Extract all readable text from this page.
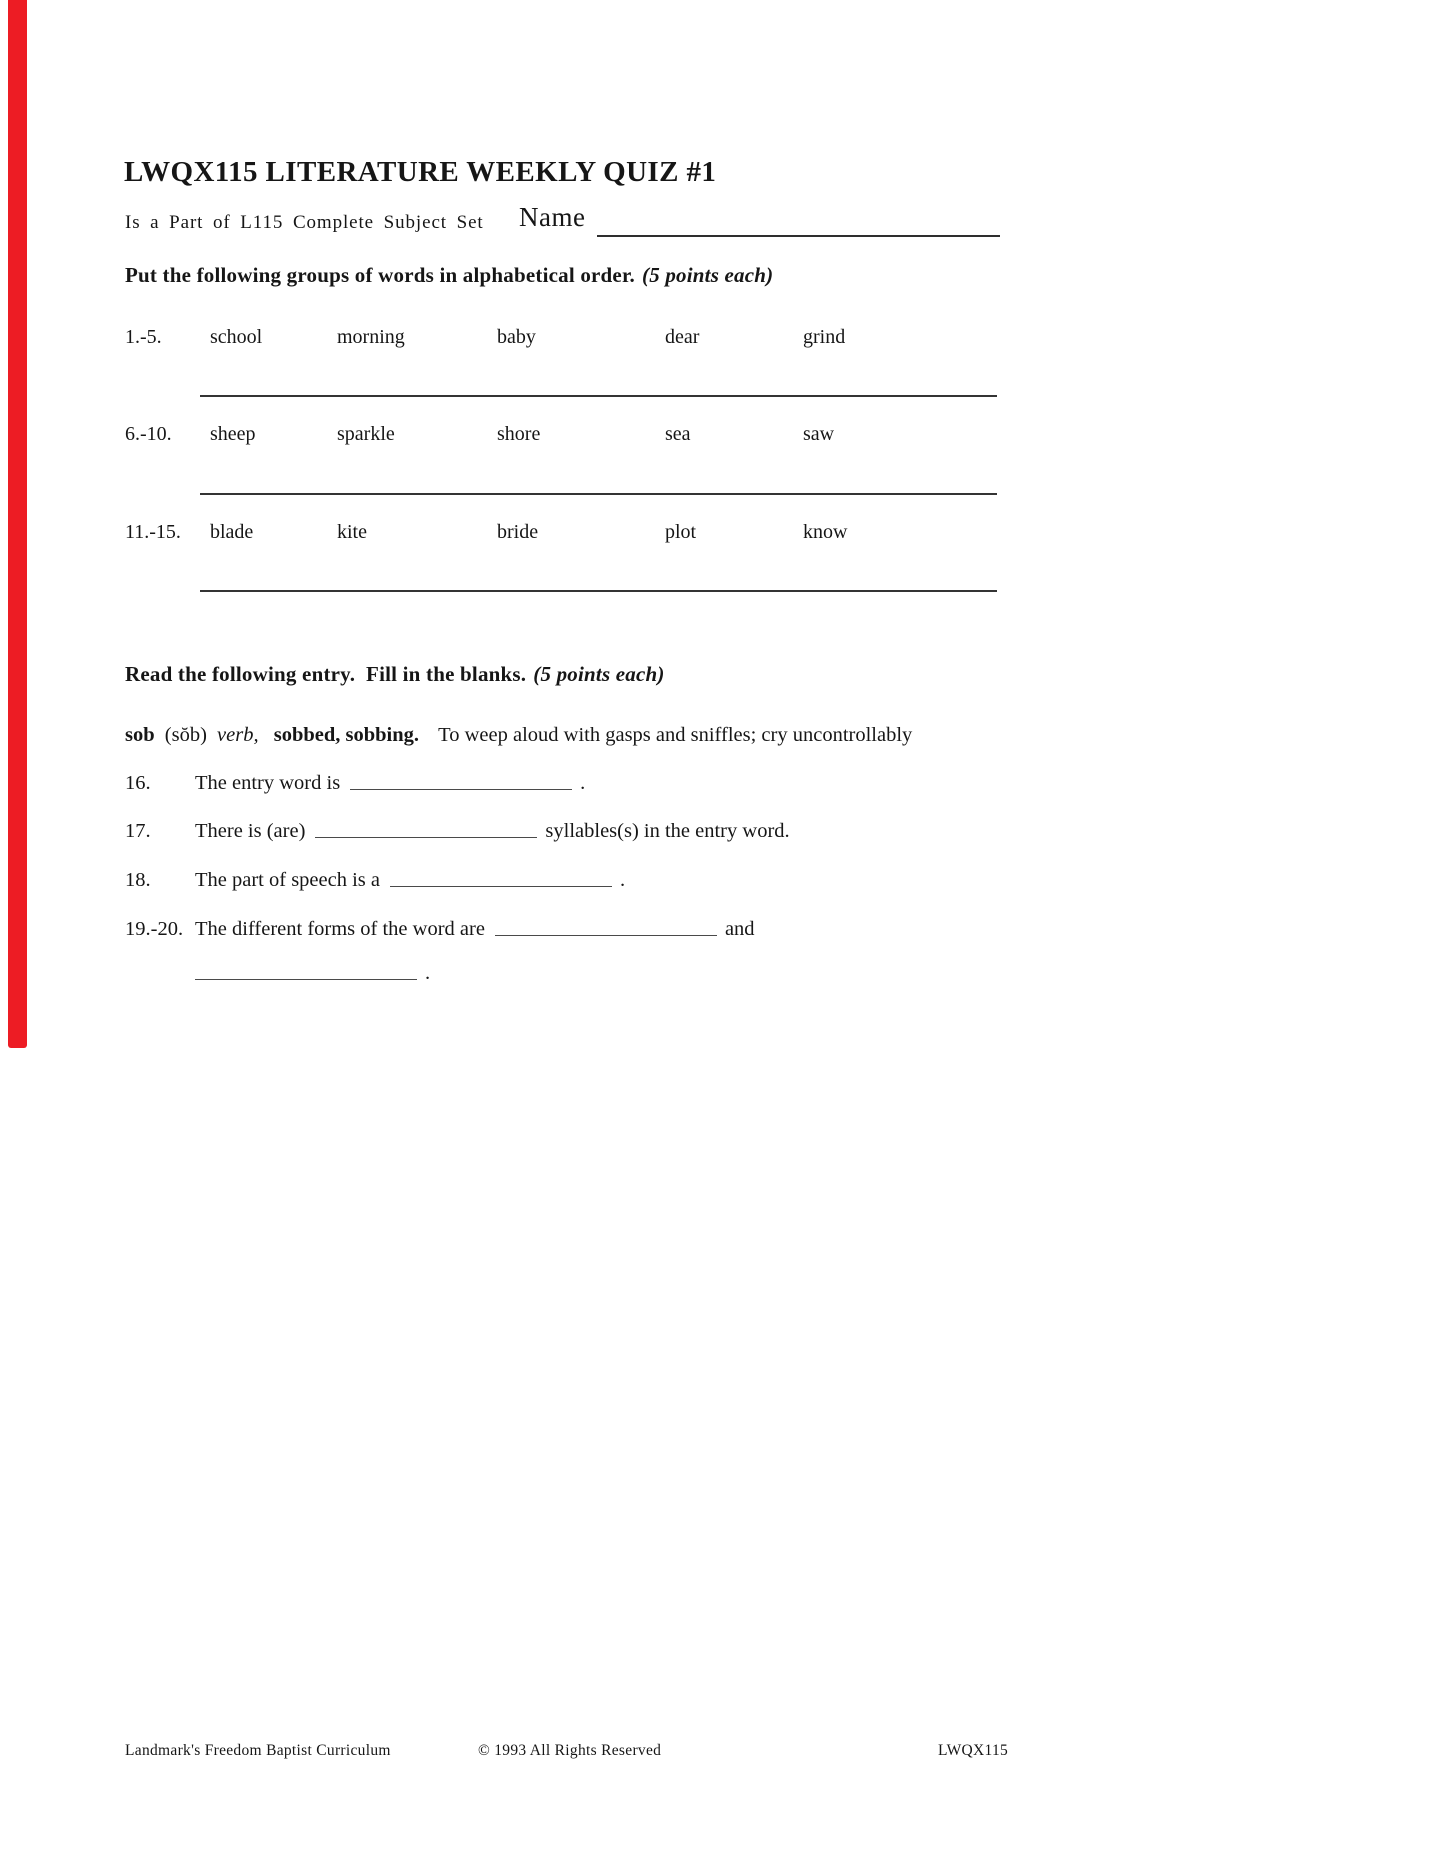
LWQX115 LITERATURE WEEKLY QUIZ #1
Is a Part of L115 Complete Subject Set Name
Put the following groups of words in alphabetical order. (5 points each)
1.-5.	school	morning	baby	dear	grind
6.-10.	sheep	sparkle	shore	sea	saw
11.-15.	blade	kite	bride	plot	know
Read the following entry.  Fill in the blanks. (5 points each)
sob (sŏb) verb, sobbed, sobbing. To weep aloud with gasps and sniffles; cry uncontrollably
16.	The entry word is	.
17.	There is (are)	syllables(s) in the entry word.
18.	The part of speech is a	.
19.-20. The different forms of the word are	and
.
Landmark's Freedom Baptist Curriculum	© 1993 All Rights Reserved	LWQX115
